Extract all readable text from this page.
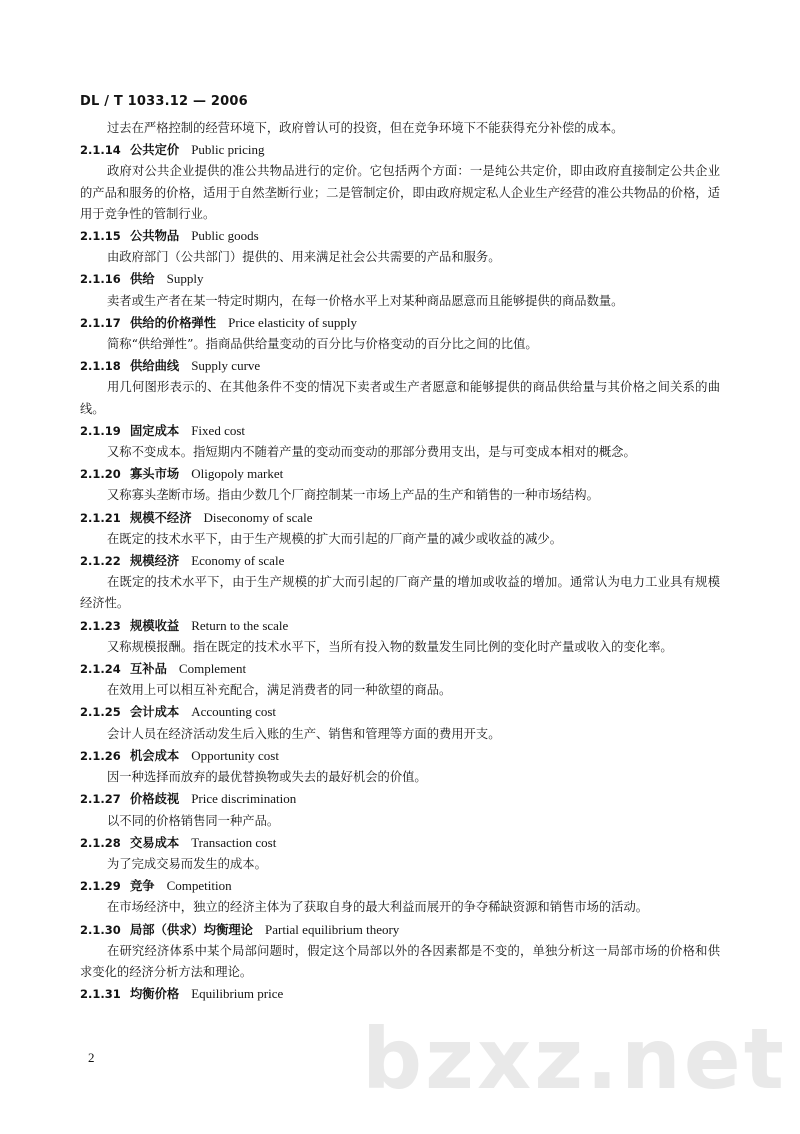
DL / T 1033.12 — 2006
过去在严格控制的经营环境下，政府曾认可的投资，但在竞争环境下不能获得充分补偿的成本。
2.1.14 公共定价 Public pricing
政府对公共企业提供的准公共物品进行的定价。它包括两个方面：一是纯公共定价，即由政府直接制定公共企业的产品和服务的价格，适用于自然垄断行业；二是管制定价，即由政府规定私人企业生产经营的准公共物品的价格，适用于竞争性的管制行业。
2.1.15 公共物品 Public goods
由政府部门（公共部门）提供的、用来满足社会公共需要的产品和服务。
2.1.16 供给 Supply
卖者或生产者在某一特定时期内，在每一价格水平上对某种商品愿意而且能够提供的商品数量。
2.1.17 供给的价格弹性 Price elasticity of supply
简称“供给弹性”。指商品供给量变动的百分比与价格变动的百分比之间的比值。
2.1.18 供给曲线 Supply curve
用几何图形表示的、在其他条件不变的情况下卖者或生产者愿意和能够提供的商品供给量与其价格之间关系的曲线。
2.1.19 固定成本 Fixed cost
又称不变成本。指短期内不随着产量的变动而变动的那部分费用支出，是与可变成本相对的概念。
2.1.20 寡头市场 Oligopoly market
又称寡头垄断市场。指由少数几个厂商控制某一市场上产品的生产和销售的一种市场结构。
2.1.21 规模不经济 Diseconomy of scale
在既定的技术水平下，由于生产规模的扩大而引起的厂商产量的减少或收益的减少。
2.1.22 规模经济 Economy of scale
在既定的技术水平下，由于生产规模的扩大而引起的厂商产量的增加或收益的增加。通常认为电力工业具有规模经济性。
2.1.23 规模收益 Return to the scale
又称规模报酬。指在既定的技术水平下，当所有投入物的数量发生同比例的变化时产量或收入的变化率。
2.1.24 互补品 Complement
在效用上可以相互补充配合，满足消费者的同一种欲望的商品。
2.1.25 会计成本 Accounting cost
会计人员在经济活动发生后入账的生产、销售和管理等方面的费用开支。
2.1.26 机会成本 Opportunity cost
因一种选择而放弃的最优替换物或失去的最好机会的价值。
2.1.27 价格歧视 Price discrimination
以不同的价格销售同一种产品。
2.1.28 交易成本 Transaction cost
为了完成交易而发生的成本。
2.1.29 竞争 Competition
在市场经济中，独立的经济主体为了获取自身的最大利益而展开的争夺稀缺资源和销售市场的活动。
2.1.30 局部（供求）均衡理论 Partial equilibrium theory
在研究经济体系中某个局部问题时，假定这个局部以外的各因素都是不变的，单独分析这一局部市场的价格和供求变化的经济分析方法和理论。
2.1.31 均衡价格 Equilibrium price
2	bzxz.net
